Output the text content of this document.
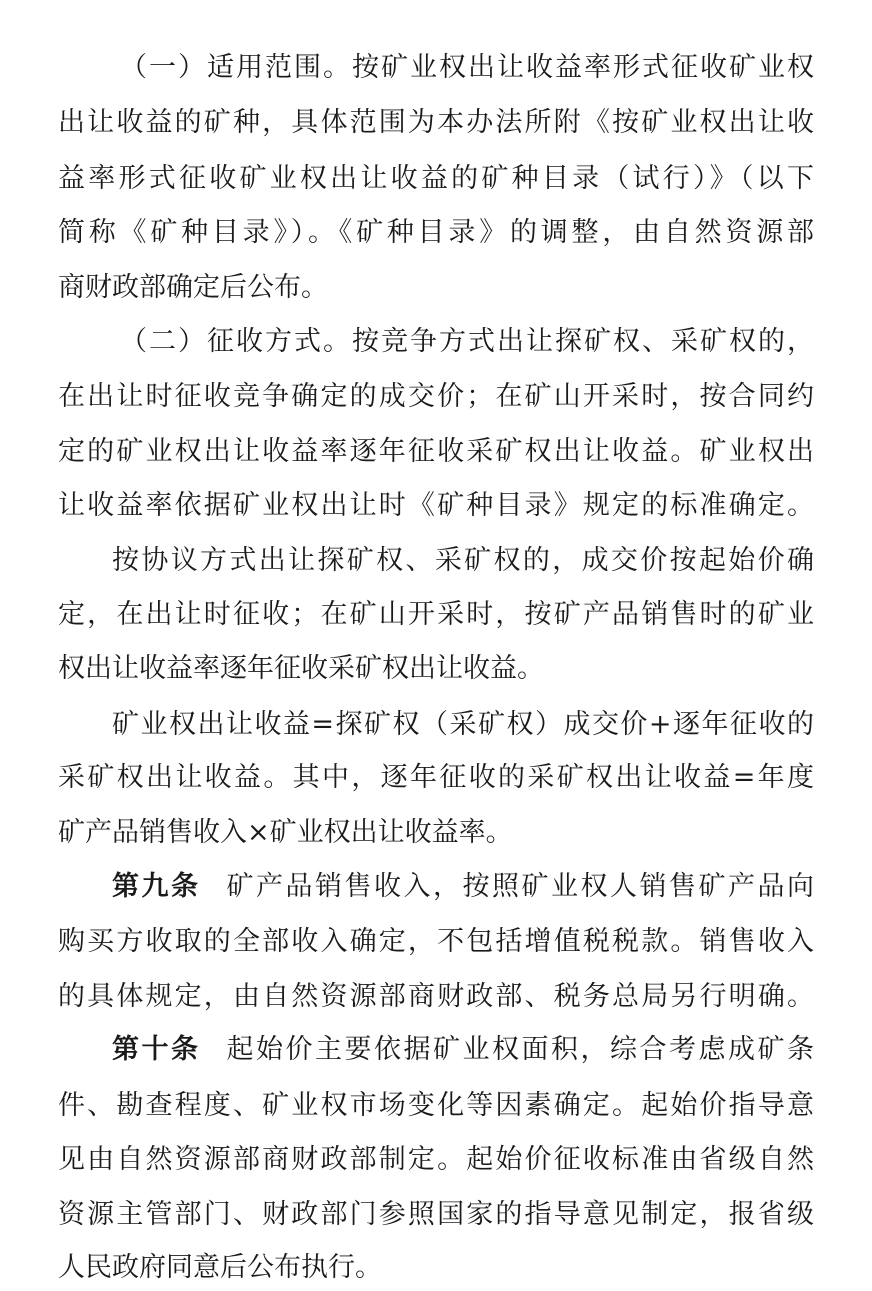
（一）适用范围。按矿业权出让收益率形式征收矿业权
出让收益的矿种，具体范围为本办法所附《按矿业权出让收
益率形式征收矿业权出让收益的矿种目录（试行）》（以下
简称《矿种目录》）。《矿种目录》的调整，由自然资源部
商财政部确定后公布。
（二）征收方式。按竞争方式出让探矿权、采矿权的，
在出让时征收竞争确定的成交价；在矿山开采时，按合同约
定的矿业权出让收益率逐年征收采矿权出让收益。矿业权出
让收益率依据矿业权出让时《矿种目录》规定的标准确定。
按协议方式出让探矿权、采矿权的，成交价按起始价确
定，在出让时征收；在矿山开采时，按矿产品销售时的矿业
权出让收益率逐年征收采矿权出让收益。
矿业权出让收益=探矿权（采矿权）成交价+逐年征收的
采矿权出让收益。其中，逐年征收的采矿权出让收益=年度
矿产品销售收入×矿业权出让收益率。
第九条 矿产品销售收入，按照矿业权人销售矿产品向
购买方收取的全部收入确定，不包括增值税税款。销售收入
的具体规定，由自然资源部商财政部、税务总局另行明确。
第十条 起始价主要依据矿业权面积，综合考虑成矿条
件、勘查程度、矿业权市场变化等因素确定。起始价指导意
见由自然资源部商财政部制定。起始价征收标准由省级自然
资源主管部门、财政部门参照国家的指导意见制定，报省级
人民政府同意后公布执行。
